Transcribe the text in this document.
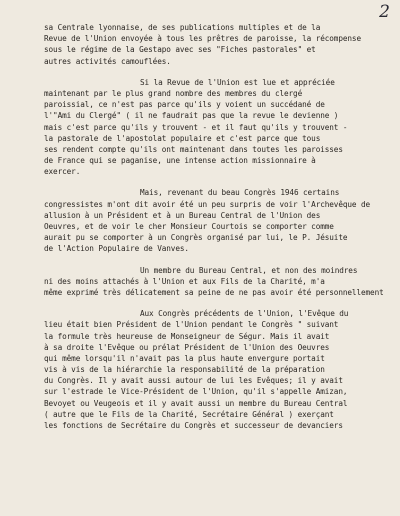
2
sa Centrale lyonnaise, de ses publications multiples et de la
Revue de l'Union envoyée à tous les prêtres de paroisse, la récompense
sous le régime de la Gestapo avec ses "Fiches pastorales" et
autres activités camouflées.
Si la Revue de l'Union est lue et appréciée
maintenant par le plus grand nombre des membres du clergé
paroissial, ce n'est pas parce qu'ils y voient un succédané de
l'"Ami du Clergé" ( il ne faudrait pas que la revue le devienne )
mais c'est parce qu'ils y trouvent - et il faut qu'ils y trouvent -
la pastorale de l'apostolat populaire et c'est parce que tous
ses rendent compte qu'ils ont maintenant dans toutes les paroisses
de France qui se paganise, une intense action missionnaire à
exercer.
Mais, revenant du beau Congrès 1946 certains
congressistes m'ont dit avoir été un peu surpris de voir l'Archevêque de
allusion à un Président et à un Bureau Central de l'Union des
Oeuvres, et de voir le cher Monsieur Courtois se comporter comme
aurait pu se comporter à un Congrès organisé par lui, le P. Jésuite
de l'Action Populaire de Vanves.
Un membre du Bureau Central, et non des moindres
ni des moins attachés à l'Union et aux Fils de la Charité, m'a
même exprimé très délicatement sa peine de ne pas avoir été personnellement
Aux Congrès précédents de l'Union, l'Evêque du
lieu était bien Président de l'Union pendant le Congrès " suivant
la formule très heureuse de Monseigneur de Ségur. Mais il avait
à sa droite l'Evêque ou prélat Président de l'Union des Oeuvres
qui même lorsqu'il n'avait pas la plus haute envergure portait
vis à vis de la hiérarchie la responsabilité de la préparation
du Congrès. Il y avait aussi autour de lui les Evêques; il y avait
sur l'estrade le Vice-Président de l'Union, qu'il s'appelle Amizan,
Bevoyet ou Veugeois et il y avait aussi un membre du Bureau Central
( autre que le Fils de la Charité, Secrétaire Général ) exerçant
les fonctions de Secrétaire du Congrès et successeur de devanciers
